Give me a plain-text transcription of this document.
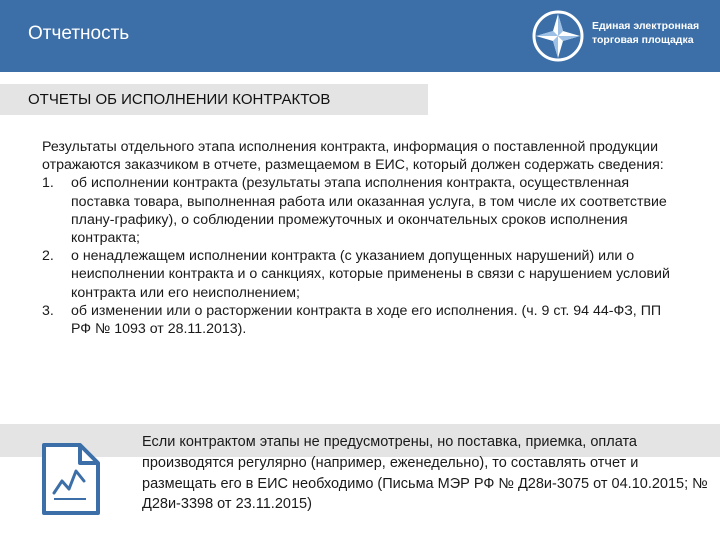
Отчетность	Единая электронная
торговая площадка
ОТЧЕТЫ ОБ ИСПОЛНЕНИИ КОНТРАКТОВ

Результаты отдельного этапа исполнения контракта, информация о поставленной продукции отражаются заказчиком в отчете, размещаемом в ЕИС, который должен содержать сведения:

1. об исполнении контракта (результаты этапа исполнения контракта, осуществленная поставка товара, выполненная работа или оказанная услуга, в том числе их соответствие плану-графику), о соблюдении промежуточных и окончательных сроков исполнения контракта;
2. о ненадлежащем исполнении контракта (с указанием допущенных нарушений) или о неисполнении контракта и о санкциях, которые применены в связи с нарушением условий контракта или его неисполнением;
3. об изменении или о расторжении контракта в ходе его исполнения. (ч. 9 ст. 94 44‑ФЗ, ПП РФ № 1093 от 28.11.2013).
Если контрактом этапы не предусмотрены, но поставка, приемка, оплата производятся регулярно (например, еженедельно), то составлять отчет и размещать его в ЕИС необходимо (Письма МЭР РФ № Д28и‑3075 от 04.10.2015; № Д28и‑3398 от 23.11.2015)
